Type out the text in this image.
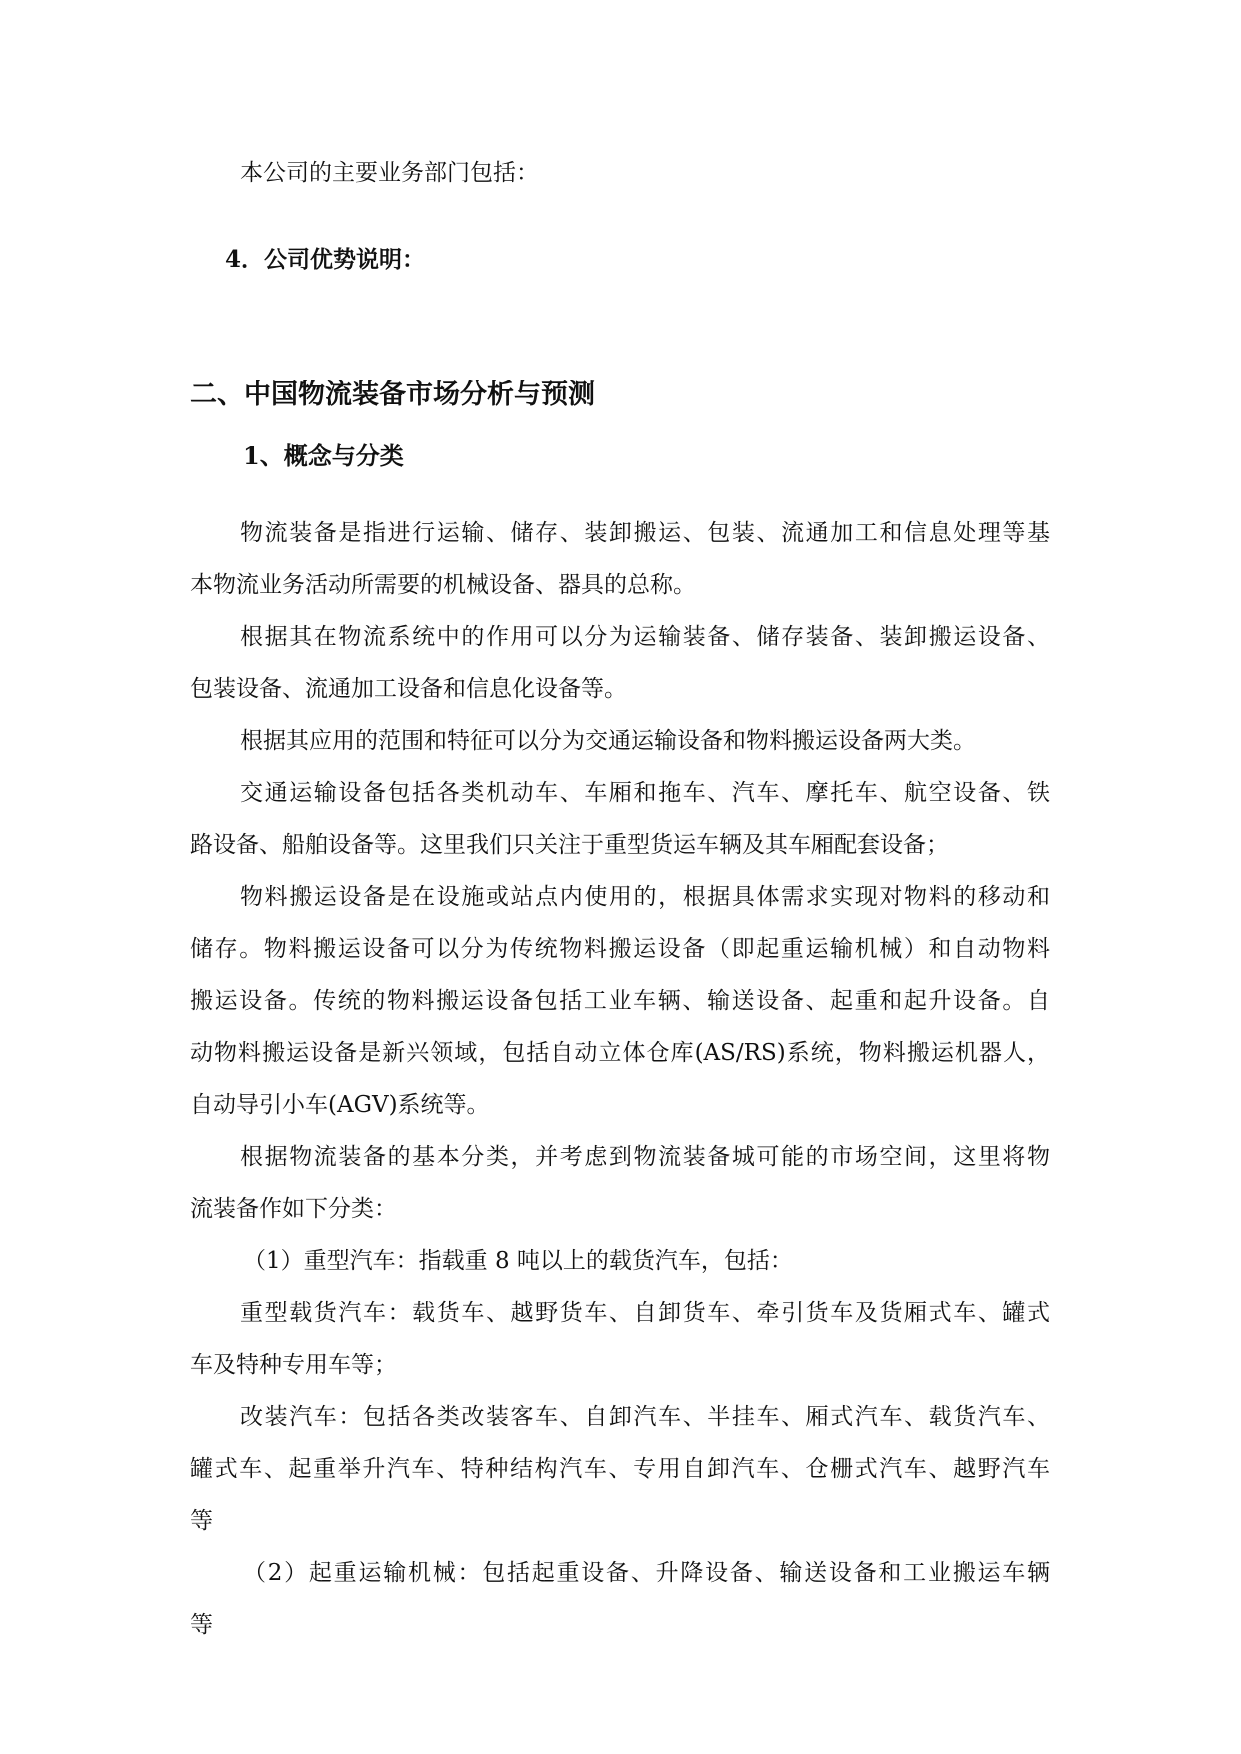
本公司的主要业务部门包括：
4．公司优势说明：
二、中国物流装备市场分析与预测
1、概念与分类
物流装备是指进行运输、储存、装卸搬运、包装、流通加工和信息处理等基
本物流业务活动所需要的机械设备、器具的总称。
根据其在物流系统中的作用可以分为运输装备、储存装备、装卸搬运设备、
包装设备、流通加工设备和信息化设备等。
根据其应用的范围和特征可以分为交通运输设备和物料搬运设备两大类。
交通运输设备包括各类机动车、车厢和拖车、汽车、摩托车、航空设备、铁
路设备、船舶设备等。这里我们只关注于重型货运车辆及其车厢配套设备；
物料搬运设备是在设施或站点内使用的，根据具体需求实现对物料的移动和
储存。物料搬运设备可以分为传统物料搬运设备（即起重运输机械）和自动物料
搬运设备。传统的物料搬运设备包括工业车辆、输送设备、起重和起升设备。自
动物料搬运设备是新兴领域，包括自动立体仓库(AS/RS)系统，物料搬运机器人，
自动导引小车(AGV)系统等。
根据物流装备的基本分类，并考虑到物流装备城可能的市场空间，这里将物
流装备作如下分类：
（1）重型汽车：指载重 8 吨以上的载货汽车，包括：
重型载货汽车：载货车、越野货车、自卸货车、牵引货车及货厢式车、罐式
车及特种专用车等；
改装汽车：包括各类改装客车、自卸汽车、半挂车、厢式汽车、载货汽车、
罐式车、起重举升汽车、特种结构汽车、专用自卸汽车、仓栅式汽车、越野汽车
等
（2）起重运输机械：包括起重设备、升降设备、输送设备和工业搬运车辆
等
